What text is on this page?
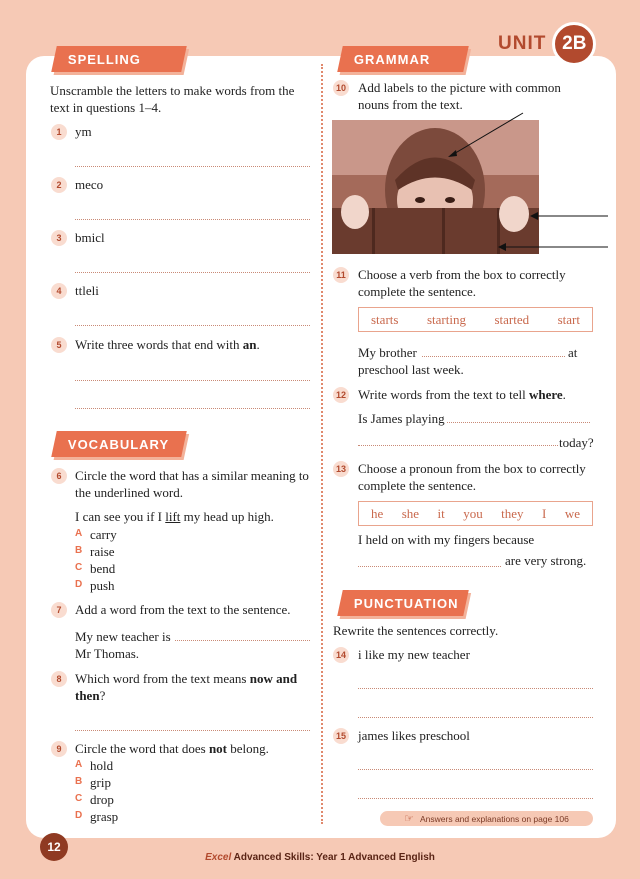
UNIT 2B
SPELLING
Unscramble the letters to make words from the text in questions 1–4.
1	ym
2	meco
3	bmicl
4	ttleli
5	Write three words that end with an.
VOCABULARY
6	Circle the word that has a similar meaning to the underlined word.
I can see you if I lift my head up high.
A carry
B raise
C bend
D push
7	Add a word from the text to the sentence.
My new teacher is
Mr Thomas.
8	Which word from the text means now and then?
9	Circle the word that does not belong.
A hold
B grip
C drop
D grasp
GRAMMAR
10 Add labels to the picture with common nouns from the text.
11 Choose a verb from the box to correctly complete the sentence.
starts starting started start
My brother	at
preschool last week.
12 Write words from the text to tell where.
Is James playing
today?
13 Choose a pronoun from the box to correctly complete the sentence.
he she it you they I we
I held on with my fingers because
are very strong.
PUNCTUATION
Rewrite the sentences correctly.
14 i like my new teacher
15 james likes preschool
☞ Answers and explanations on page 106
12
Excel Advanced Skills: Year 1 Advanced English
